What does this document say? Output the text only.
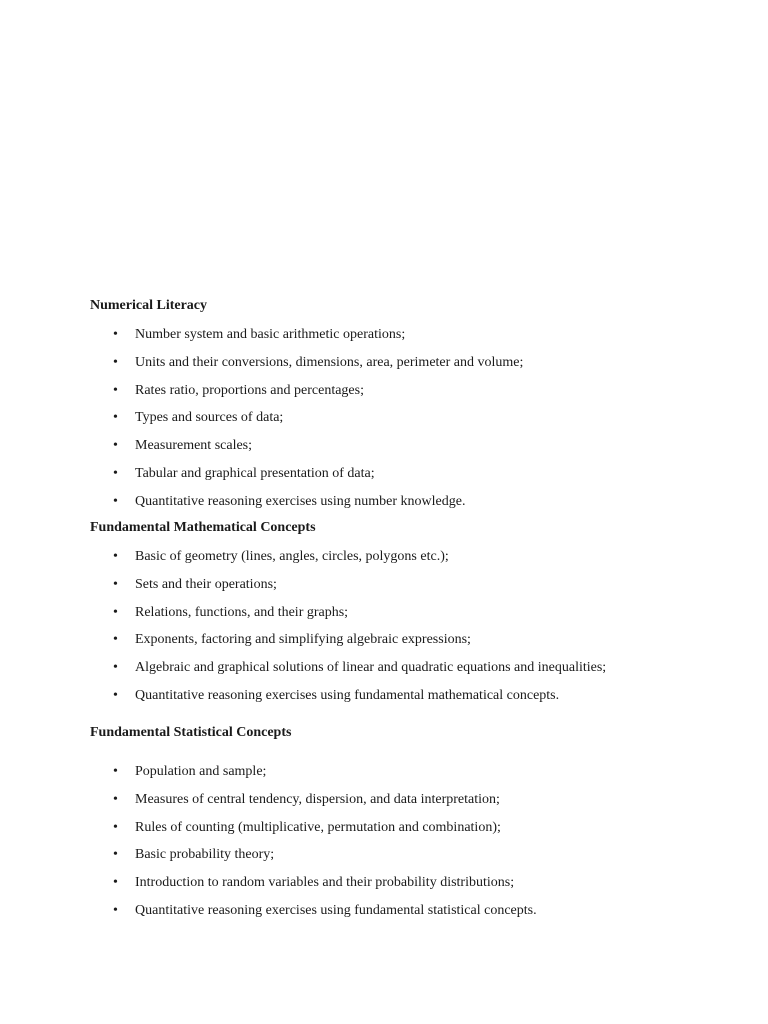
Numerical Literacy

• Number system and basic arithmetic operations;
• Units and their conversions, dimensions, area, perimeter and volume;
• Rates ratio, proportions and percentages;
• Types and sources of data;
• Measurement scales;
• Tabular and graphical presentation of data;
• Quantitative reasoning exercises using number knowledge.

Fundamental Mathematical Concepts

• Basic of geometry (lines, angles, circles, polygons etc.);
• Sets and their operations;
• Relations, functions, and their graphs;
• Exponents, factoring and simplifying algebraic expressions;
• Algebraic and graphical solutions of linear and quadratic equations and inequalities;
• Quantitative reasoning exercises using fundamental mathematical concepts.

Fundamental Statistical Concepts

• Population and sample;
• Measures of central tendency, dispersion, and data interpretation;
• Rules of counting (multiplicative, permutation and combination);
• Basic probability theory;
• Introduction to random variables and their probability distributions;
• Quantitative reasoning exercises using fundamental statistical concepts.
